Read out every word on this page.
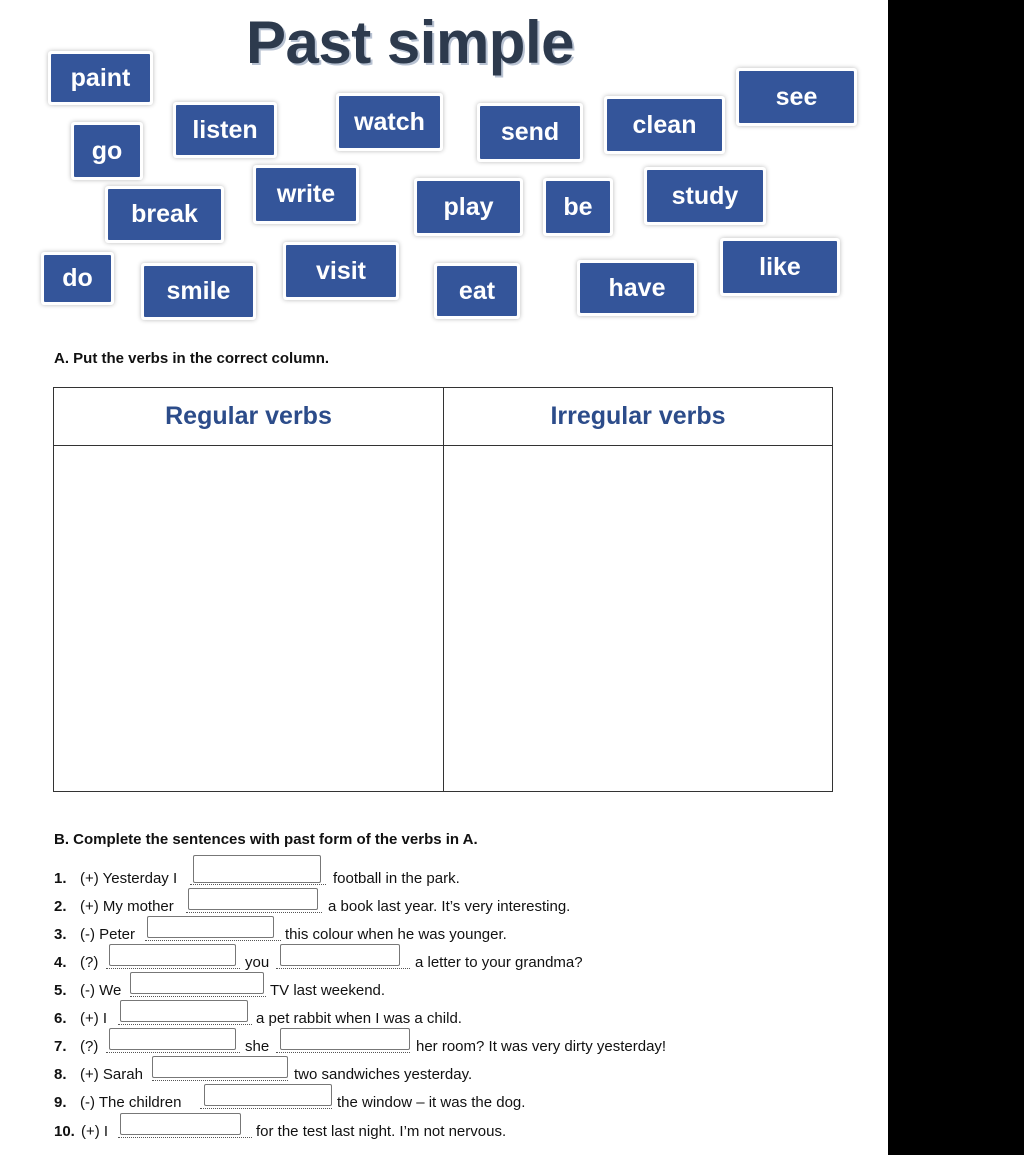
Past simple
paint
go
listen	watch	send	clean
see
break
write	play	be	study
do	smile
visit
eat	have
like
A. Put the verbs in the correct column.
Regular verbs	Irregular verbs
B. Complete the sentences with past form of the verbs in A.
1. (+) Yesterday I	football in the park.
2. (+) My mother	a book last year. It’s very interesting.
3. (-) Peter	this colour when he was younger.
4. (?)	you	a letter to your grandma?
5. (-) We	TV last weekend.
6. (+) I	a pet rabbit when I was a child.
7. (?)	she	her room? It was very dirty yesterday!
8. (+) Sarah	two sandwiches yesterday.
9. (-) The children	the window – it was the dog.
10. (+) I	for the test last night. I’m not nervous.
